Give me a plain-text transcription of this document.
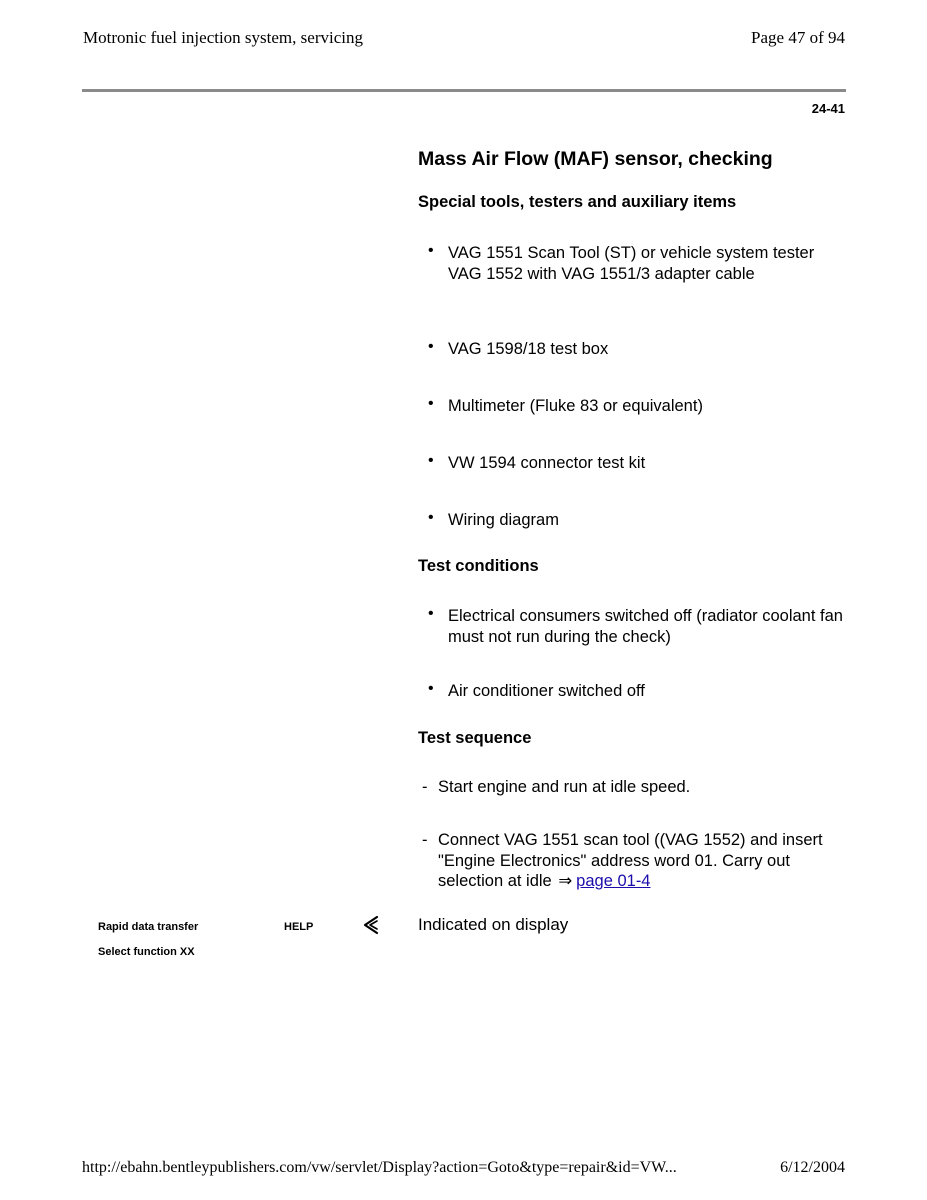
Motronic fuel injection system, servicing	Page 47 of 94
24-41
Mass Air Flow (MAF) sensor, checking
Special tools, testers and auxiliary items
• VAG 1551 Scan Tool (ST) or vehicle system tester VAG 1552 with VAG 1551/3 adapter cable
• VAG 1598/18 test box
• Multimeter (Fluke 83 or equivalent)
• VW 1594 connector test kit
• Wiring diagram
Test conditions
• Electrical consumers switched off (radiator coolant fan must not run during the check)
• Air conditioner switched off
Test sequence
- Start engine and run at idle speed.
- Connect VAG 1551 scan tool ((VAG 1552) and insert "Engine Electronics" address word 01. Carry out selection at idle ⇒ page 01-4
Rapid data transfer	HELP
Select function XX
Indicated on display
http://ebahn.bentleypublishers.com/vw/servlet/Display?action=Goto&type=repair&id=VW...	6/12/2004
